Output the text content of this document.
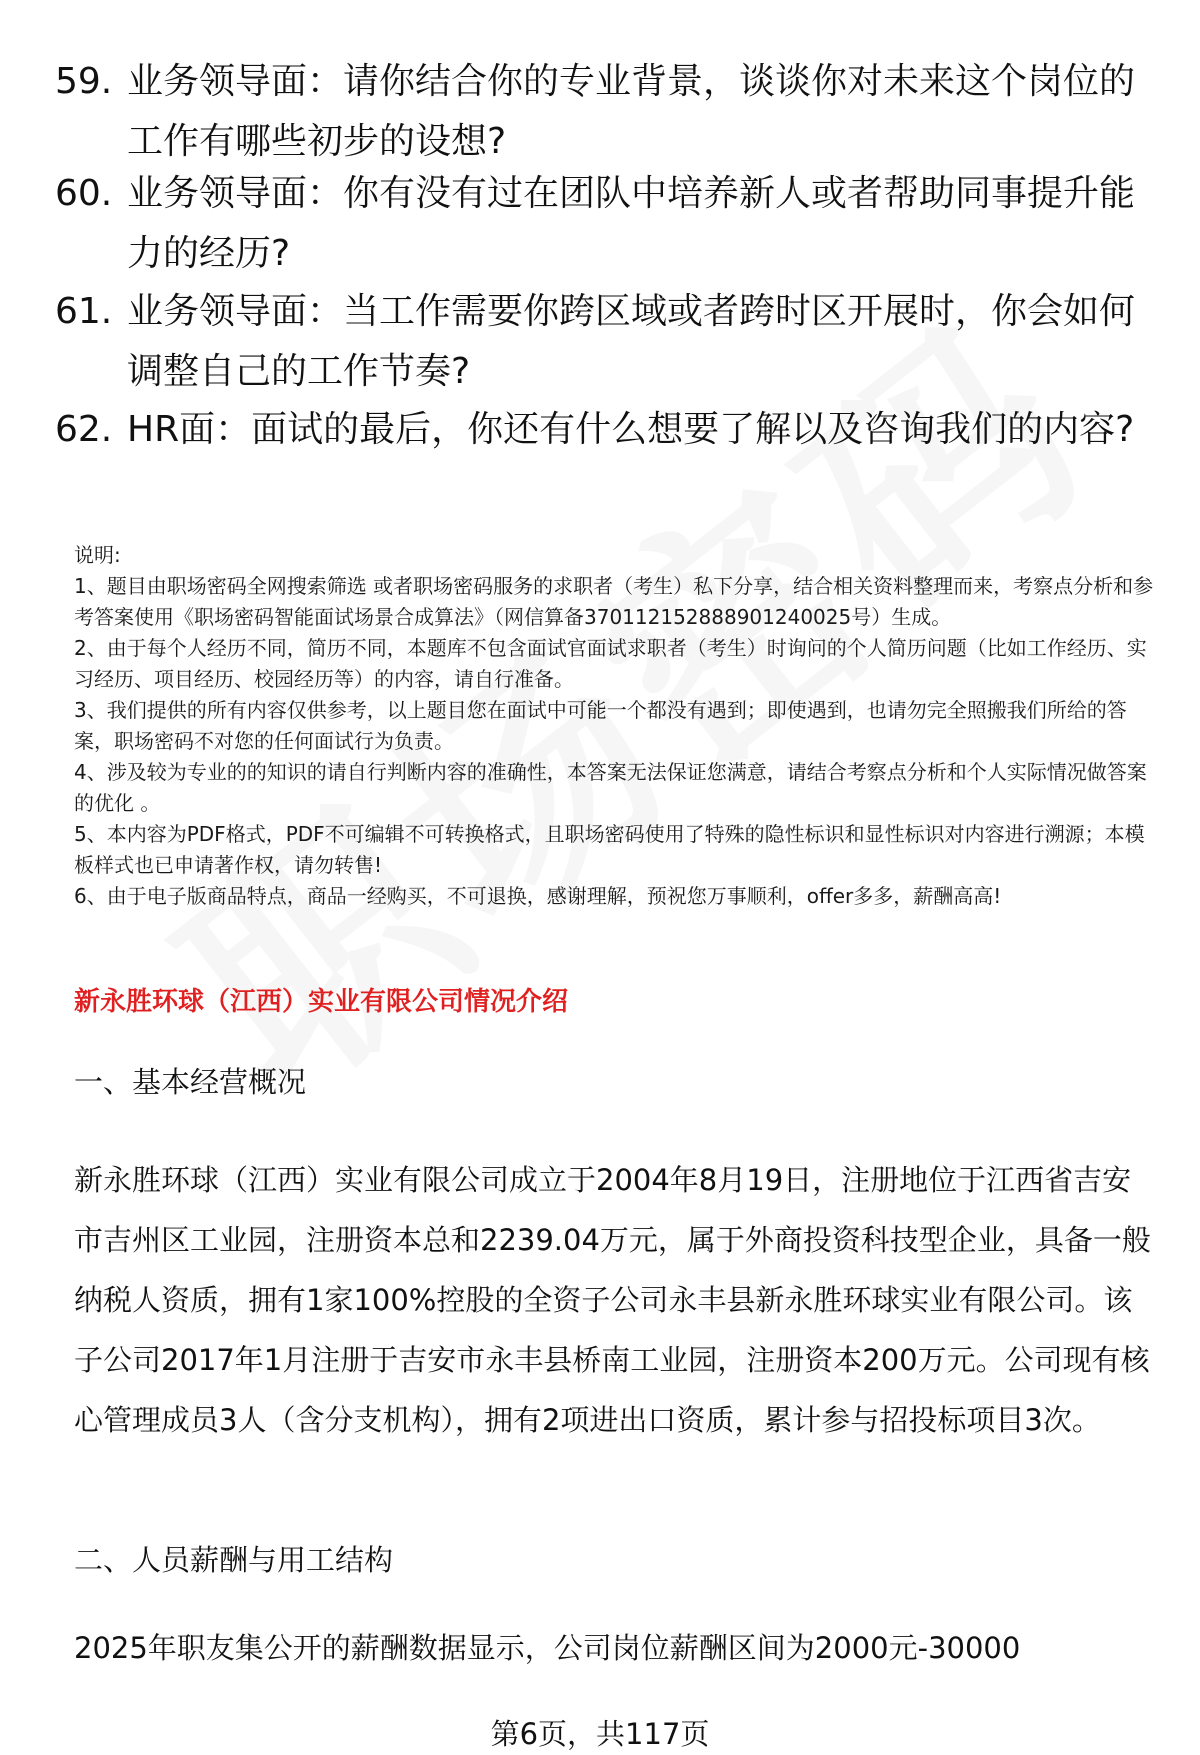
59. 业务领导面：请你结合你的专业背景，谈谈你对未来这个岗位的工作有哪些初步的设想?
60. 业务领导面：你有没有过在团队中培养新人或者帮助同事提升能力的经历?
61. 业务领导面：当工作需要你跨区域或者跨时区开展时，你会如何调整自己的工作节奏?
62. HR面：面试的最后，你还有什么想要了解以及咨询我们的内容?

说明:

1、题目由职场密码全网搜索筛选 或者职场密码服务的求职者（考生）私下分享，结合相关资料整理而来，考察点分析和参考答案使用《职场密码智能面试场景合成算法》（网信算备370112152888901240025号）生成。

2、由于每个人经历不同，简历不同，本题库不包含面试官面试求职者（考生）时询问的个人简历问题（比如工作经历、实习经历、项目经历、校园经历等）的内容，请自行准备。

3、我们提供的所有内容仅供参考，以上题目您在面试中可能一个都没有遇到；即使遇到，也请勿完全照搬我们所给的答案，职场密码不对您的任何面试行为负责。

4、涉及较为专业的的知识的请自行判断内容的准确性，本答案无法保证您满意，请结合考察点分析和个人实际情况做答案的优化 。

5、本内容为PDF格式，PDF不可编辑不可转换格式，且职场密码使用了特殊的隐性标识和显性标识对内容进行溯源；本模板样式也已申请著作权，请勿转售!

6、由于电子版商品特点，商品一经购买，不可退换，感谢理解，预祝您万事顺利，offer多多，薪酬高高!

新永胜环球（江西）实业有限公司情况介绍
一、基本经营概况
新永胜环球（江西）实业有限公司成立于2004年8月19日，注册地位于江西省吉安市吉州区工业园，注册资本总和2239.04万元，属于外商投资科技型企业，具备一般纳税人资质，拥有1家100%控股的全资子公司永丰县新永胜环球实业有限公司。该子公司2017年1月注册于吉安市永丰县桥南工业园，注册资本200万元。公司现有核心管理成员3人（含分支机构），拥有2项进出口资质，累计参与招投标项目3次。
二、人员薪酬与用工结构
2025年职友集公开的薪酬数据显示，公司岗位薪酬区间为2000元-30000
第6页，共117页
